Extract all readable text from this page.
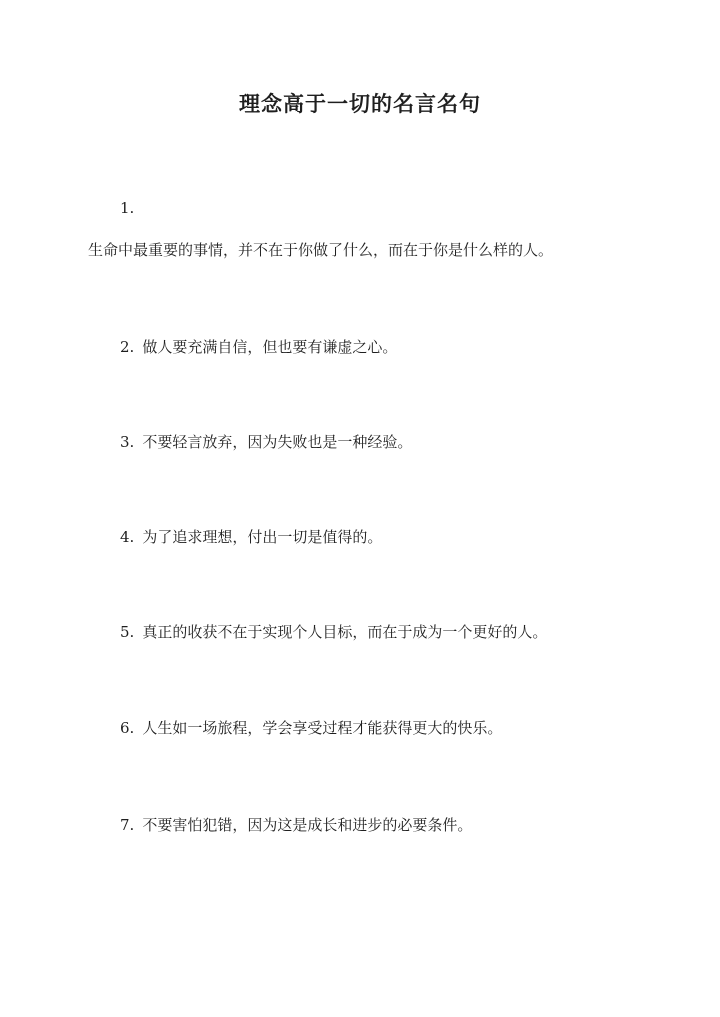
理念高于一切的名言名句
1.
生命中最重要的事情，并不在于你做了什么，而在于你是什么样的人。
2. 做人要充满自信，但也要有谦虚之心。
3. 不要轻言放弃，因为失败也是一种经验。
4. 为了追求理想，付出一切是值得的。
5. 真正的收获不在于实现个人目标，而在于成为一个更好的人。
6. 人生如一场旅程，学会享受过程才能获得更大的快乐。
7. 不要害怕犯错，因为这是成长和进步的必要条件。
